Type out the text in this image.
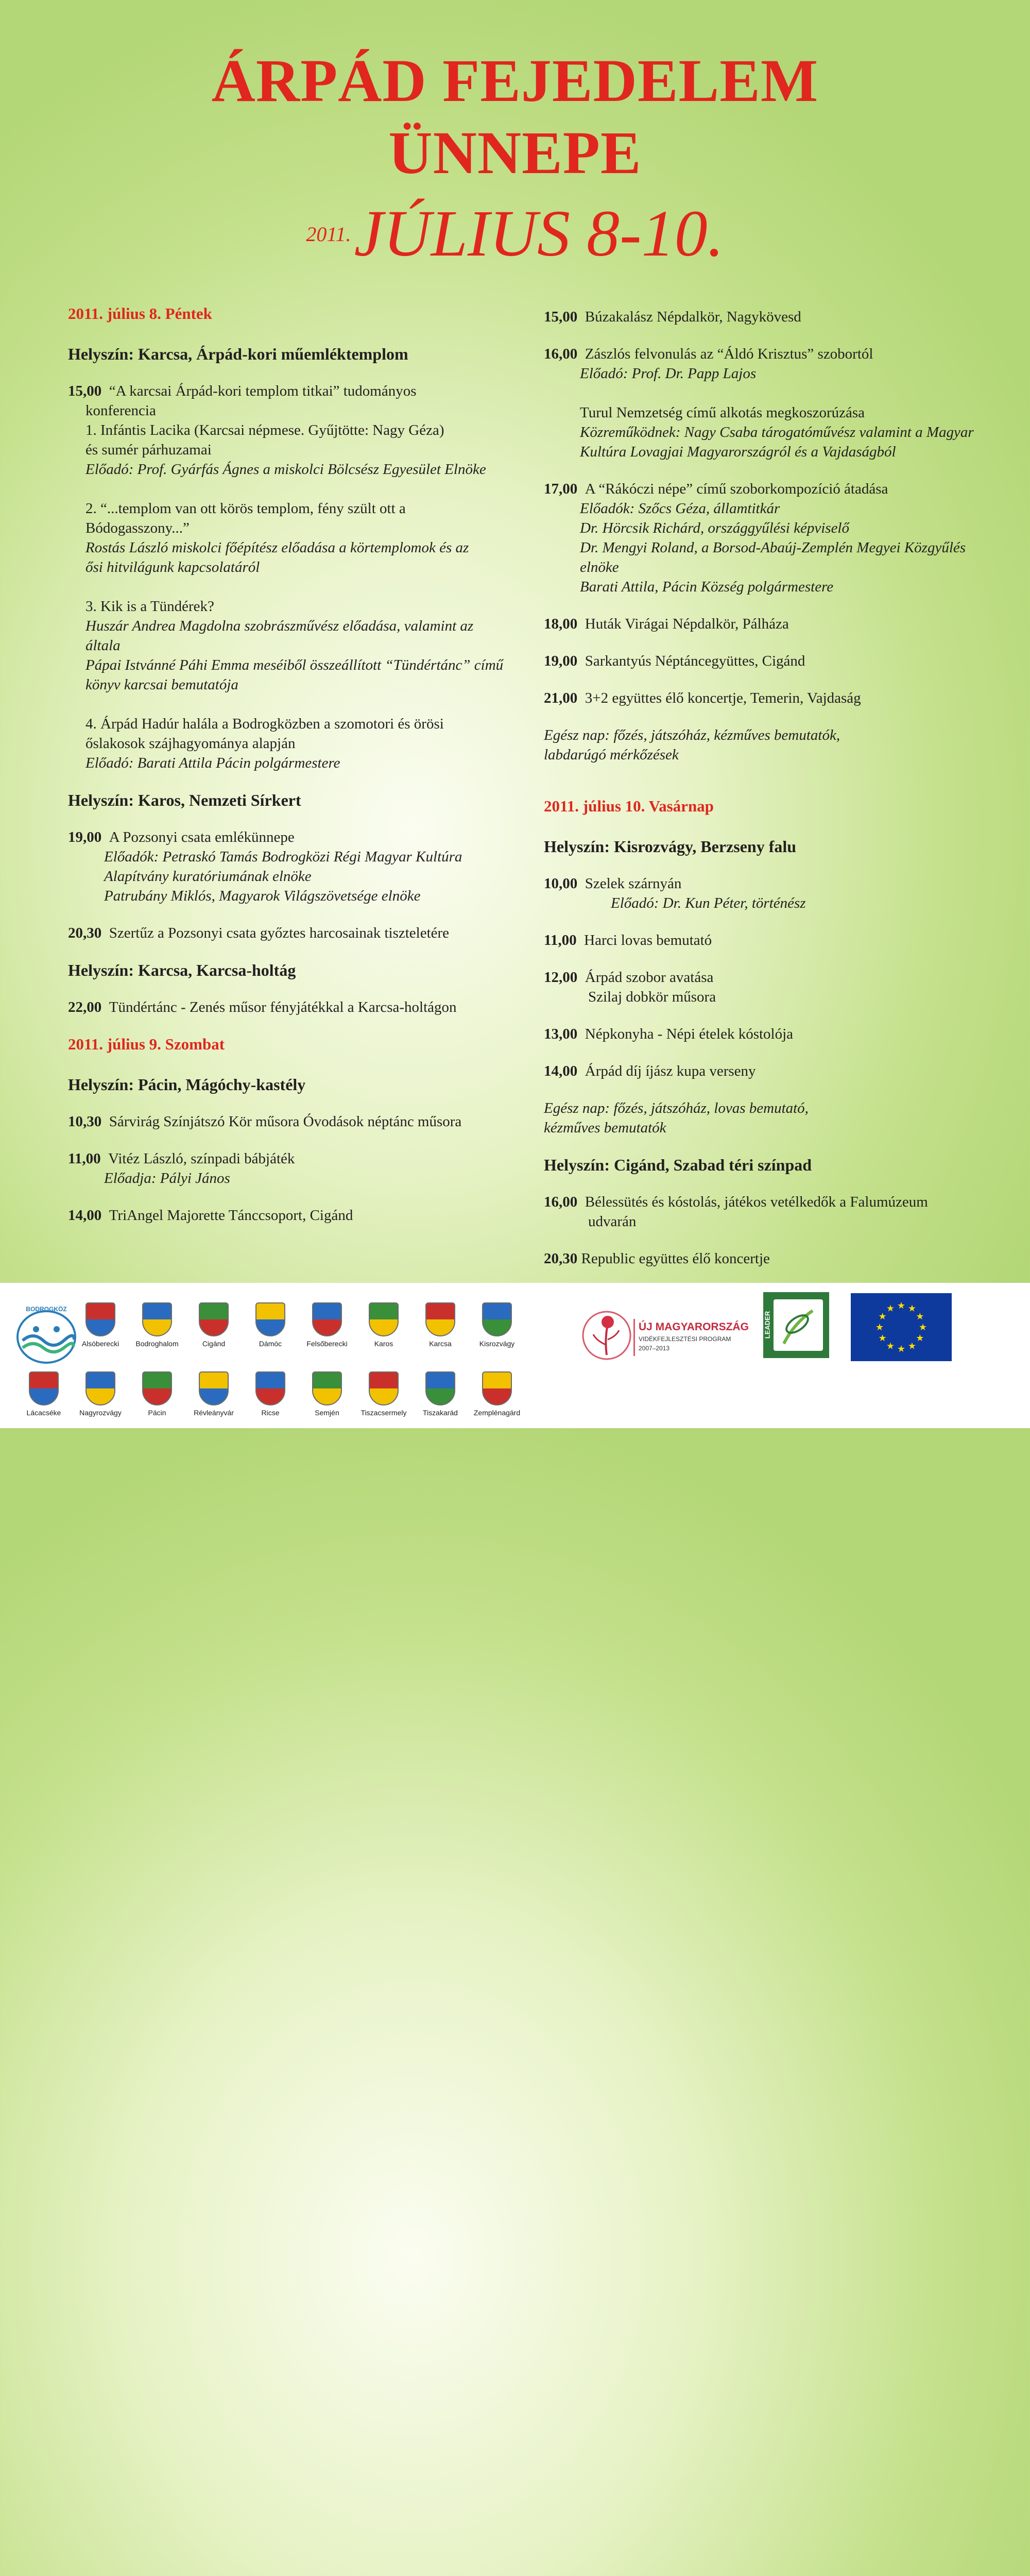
ÁRPÁD FEJEDELEM
ÜNNEPE
2011.JÚLIUS 8-10.
2011. július 8. Péntek
Helyszín: Karcsa, Árpád-kori műemléktemplom

15,00 “A karcsai Árpád-kori templom titkai” tudományos

konferencia

1. Infántis Lacika (Karcsai népmese. Gyűjtötte: Nagy Géza)

és sumér párhuzamai

Előadó: Prof. Gyárfás Ágnes a miskolci Bölcsész Egyesület Elnöke

2. “...templom van ott körös templom, fény szült ott a

Bódogasszony...”

Rostás László miskolci főépítész előadása a körtemplomok és az

ősi hitvilágunk kapcsolatáról

3. Kik is a Tündérek?

Huszár Andrea Magdolna szobrászművész előadása, valamint az általa

Pápai Istvánné Páhi Emma meséiből összeállított “Tündértánc” című

könyv karcsai bemutatója

4. Árpád Hadúr halála a Bodrogközben a szomotori és örösi

őslakosok szájhagyománya alapján

Előadó: Barati Attila Pácin polgármestere

Helyszín: Karos, Nemzeti Sírkert

19,00 A Pozsonyi csata emlékünnepe

Előadók: Petraskó Tamás Bodrogközi Régi Magyar Kultúra

Alapítvány kuratóriumának elnöke

Patrubány Miklós, Magyarok Világszövetsége elnöke

20,30 Szertűz a Pozsonyi csata győztes harcosainak tiszteletére

Helyszín: Karcsa, Karcsa-holtág

22,00 Tündértánc - Zenés műsor fényjátékkal a Karcsa-holtágon

2011. július 9. Szombat
Helyszín: Pácin, Mágóchy-kastély

10,30 Sárvirág Színjátszó Kör műsora Óvodások néptánc műsora

11,00 Vitéz László, színpadi bábjáték

Előadja: Pályi János

14,00 TriAngel Majorette Tánccsoport, Cigánd

15,00 Búzakalász Népdalkör, Nagykövesd

16,00 Zászlós felvonulás az “Áldó Krisztus” szobortól

Előadó: Prof. Dr. Papp Lajos

Turul Nemzetség című alkotás megkoszorúzása

Közreműködnek: Nagy Csaba tárogatóművész valamint a Magyar

Kultúra Lovagjai Magyarországról és a Vajdaságból

17,00 A “Rákóczi népe” című szoborkompozíció átadása

Előadók: Szőcs Géza, államtitkár

Dr. Hörcsik Richárd, országgyűlési képviselő

Dr. Mengyi Roland, a Borsod-Abaúj-Zemplén Megyei Közgyűlés elnöke

Barati Attila, Pácin Község polgármestere

18,00 Huták Virágai Népdalkör, Pálháza

19,00 Sarkantyús Néptáncegyüttes, Cigánd

21,00 3+2 együttes élő koncertje, Temerin, Vajdaság

Egész nap: főzés, játszóház, kézműves bemutatók,

labdarúgó mérkőzések

2011. július 10. Vasárnap
Helyszín: Kisrozvágy, Berzseny falu

10,00 Szelek szárnyán

Előadó: Dr. Kun Péter, történész

11,00 Harci lovas bemutató

12,00 Árpád szobor avatása

Szilaj dobkör műsora

13,00 Népkonyha - Népi ételek kóstolója

14,00 Árpád díj íjász kupa verseny

Egész nap: főzés, játszóház, lovas bemutató,

kézműves bemutatók

Helyszín: Cigánd, Szabad téri színpad

16,00 Bélessütés és kóstolás, játékos vetélkedők a Falumúzeum

udvarán

20,30 Republic együttes élő koncertje

BODROGKÖZ
Alsóberecki	Bodroghalom	Cigánd	Dámóc	Felsőberecki	Karos	Karcsa	Kisrozvágy
Lácacséke	Nagyrozvágy	Pácin	Révleányvár	Ricse	Semjén	Tiszacsermely	Tiszakarád	Zemplénagárd
ÚJ MAGYARORSZÁG
VIDÉKFEJLESZTÉSI PROGRAM
2007–2013
LEADER
★ ★
★
★
★
★
★
★
★
★
★
★
